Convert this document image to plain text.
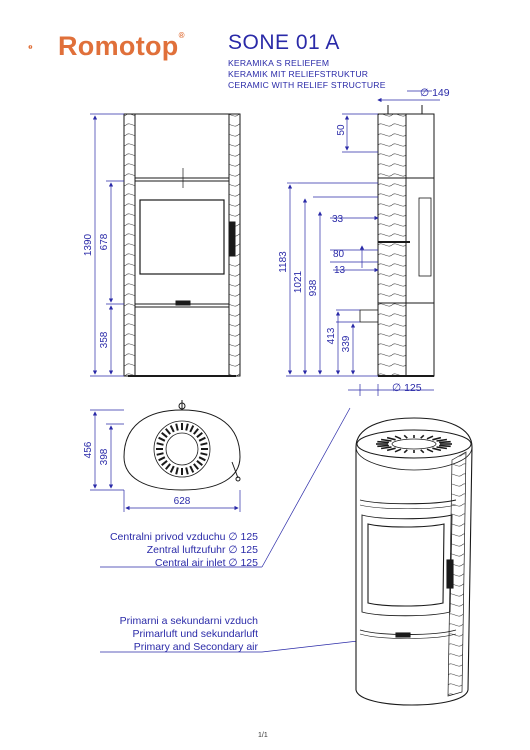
Romotop® SONE 01 A
KERAMIKA S RELIEFEM
KERAMIK MIT RELIEFSTRUKTUR
CERAMIC WITH RELIEF STRUCTURE
1390 678
358
50
33
80
13
1183
1021 938
413 339
∅ 149
∅ 125
456 398
628
Centralni privod vzduchu ∅ 125
Zentral luftzufuhr ∅ 125
Central air inlet ∅ 125
Primarni a sekundarni vzduch
Primarluft und sekundarluft
Primary and Secondary air
1/1
